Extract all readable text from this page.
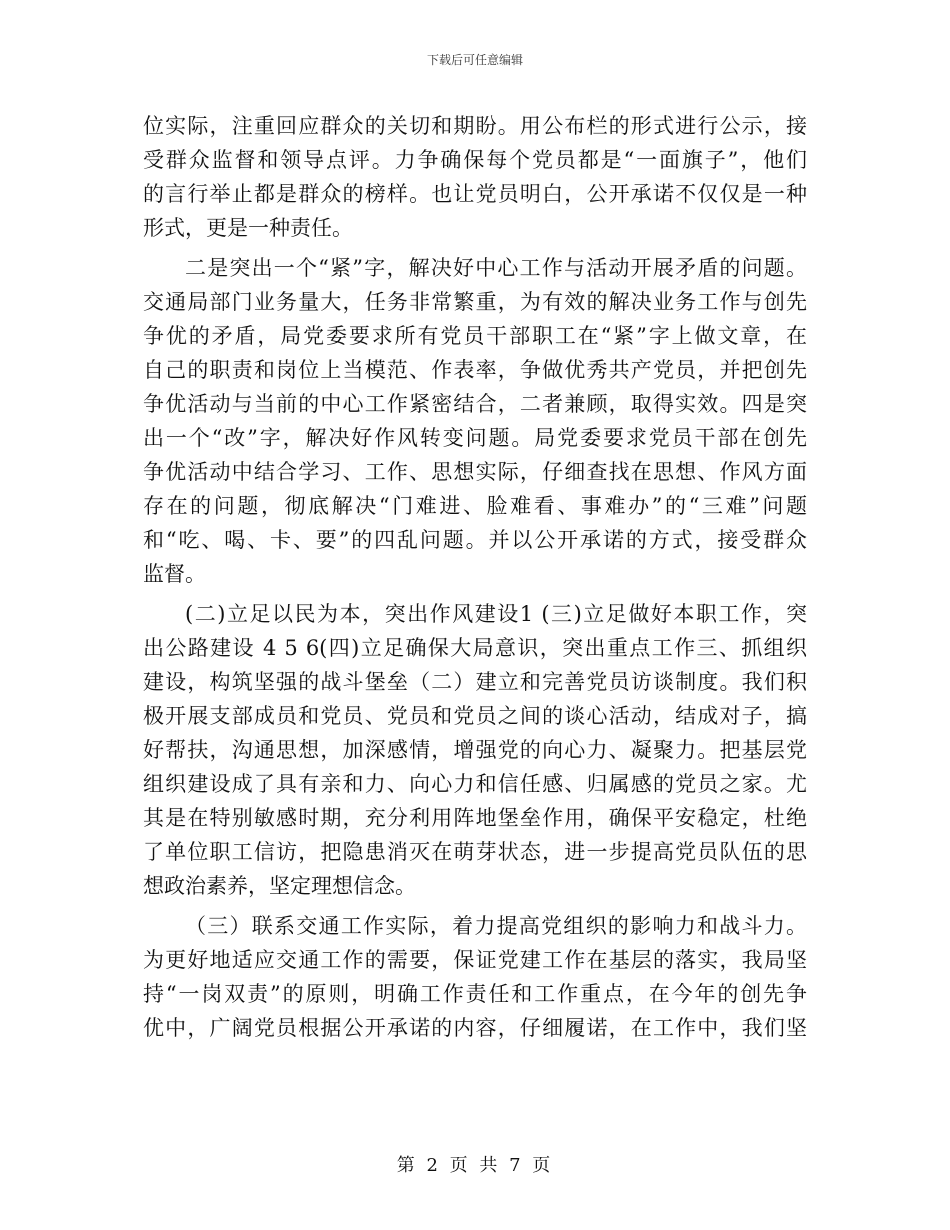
下载后可任意编辑
位实际，注重回应群众的关切和期盼。用公布栏的形式进行公示，接
受群众监督和领导点评。力争确保每个党员都是“一面旗子”，他们
的言行举止都是群众的榜样。也让党员明白，公开承诺不仅仅是一种
形式，更是一种责任。
二是突出一个“紧”字，解决好中心工作与活动开展矛盾的问题。
交通局部门业务量大，任务非常繁重，为有效的解决业务工作与创先
争优的矛盾，局党委要求所有党员干部职工在“紧”字上做文章，在
自己的职责和岗位上当模范、作表率，争做优秀共产党员，并把创先
争优活动与当前的中心工作紧密结合，二者兼顾，取得实效。四是突
出一个“改”字，解决好作风转变问题。局党委要求党员干部在创先
争优活动中结合学习、工作、思想实际，仔细查找在思想、作风方面
存在的问题，彻底解决“门难进、脸难看、事难办”的“三难”问题
和“吃、喝、卡、要”的四乱问题。并以公开承诺的方式，接受群众
监督。
(二)立足以民为本，突出作风建设1 (三)立足做好本职工作，突
出公路建设 4 5 6(四)立足确保大局意识，突出重点工作三、抓组织
建设，构筑坚强的战斗堡垒（二）建立和完善党员访谈制度。我们积
极开展支部成员和党员、党员和党员之间的谈心活动，结成对子，搞
好帮扶，沟通思想，加深感情，增强党的向心力、凝聚力。把基层党
组织建设成了具有亲和力、向心力和信任感、归属感的党员之家。尤
其是在特别敏感时期，充分利用阵地堡垒作用，确保平安稳定，杜绝
了单位职工信访，把隐患消灭在萌芽状态，进一步提高党员队伍的思
想政治素养，坚定理想信念。
（三）联系交通工作实际，着力提高党组织的影响力和战斗力。
为更好地适应交通工作的需要，保证党建工作在基层的落实，我局坚
持“一岗双责”的原则，明确工作责任和工作重点，在今年的创先争
优中，广阔党员根据公开承诺的内容，仔细履诺，在工作中，我们坚
第 2 页 共 7 页
